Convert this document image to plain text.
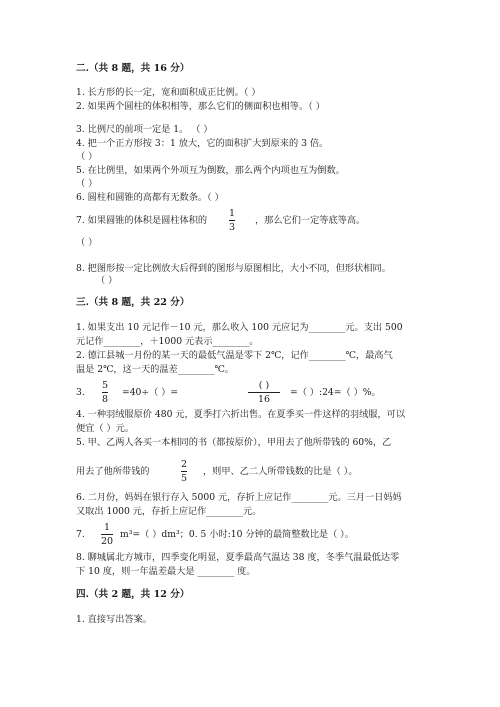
二.（共 8 题，共 16 分）

1. 长方形的长一定，宽和面积成正比例。（ ）

2. 如果两个圆柱的体积相等，那么它们的侧面积也相等。（ ）

3. 比例尺的前项一定是 1。 （ ）

4. 把一个正方形按 3：1 放大，它的面积扩大到原来的 3 倍。

（ ）

5. 在比例里，如果两个外项互为倒数，那么两个内项也互为倒数。

（ ）

6. 圆柱和圆锥的高都有无数条。（ ）

7. 如果圆锥的体积是圆柱体积的

1
3

，那么它们一定等底等高。

（ ）

8. 把图形按一定比例放大后得到的图形与原图相比，大小不同，但形状相同。

（ ）

三.（共 8 题，共 22 分）

1. 如果支出 10 元记作－10 元，那么收入 100 元应记为________元。支出 500

元记作________，＋1000 元表示________。

2. 德江县城一月份的某一天的最低气温是零下 2℃，记作________℃，最高气

温是 2℃，这一天的温差________℃。

3.

5
8

=40÷（ ）=

( )
16

=（ ）:24=（ ）%。

4. 一种羽绒服原价 480 元，夏季打六折出售。在夏季买一件这样的羽绒服，可以

便宜（ ）元。

5. 甲、乙两人各买一本相同的书（都按原价），甲用去了他所带钱的 60%，乙

用去了他所带钱的

2
5

，则甲、乙二人所带钱数的比是（ ）。

6. 二月份，妈妈在银行存入 5000 元，存折上应记作________元。三月一日妈妈

又取出 1000 元，存折上应记作________元。

7.

1
20

m³=（ ）dm³；0. 5 小时:10 分钟的最简整数比是（ ）。

8. 聊城属北方城市，四季变化明显，夏季最高气温达 38 度，冬季气温最低达零

下 10 度，则一年温差最大是 ________ 度。

四.（共 2 题，共 12 分）

1. 直接写出答案。
